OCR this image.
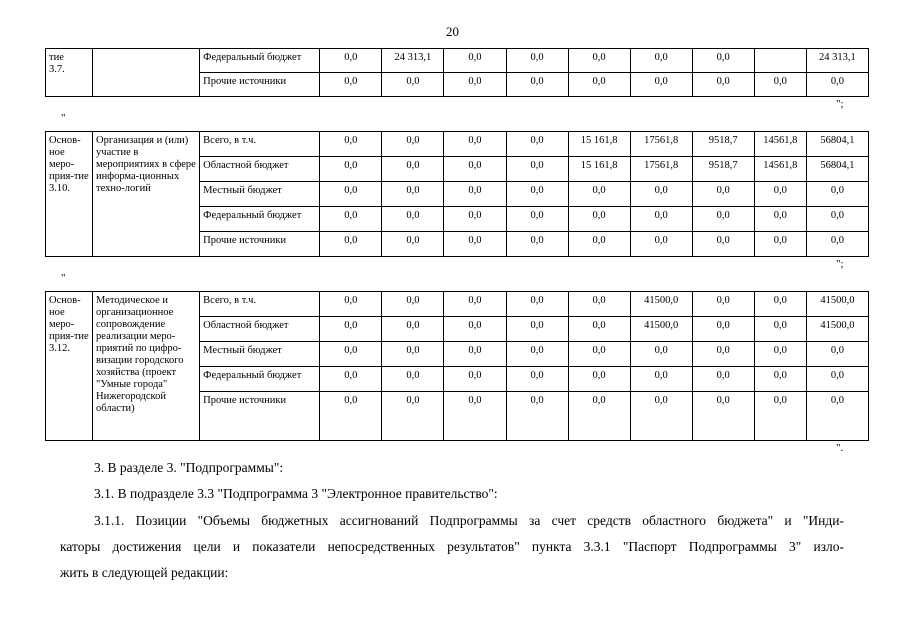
20
тие
3.7.		Федеральный бюджет	0,0	24 313,1	0,0	0,0	0,0	0,0	0,0		24 313,1
		Прочие источники	0,0	0,0	0,0	0,0	0,0	0,0	0,0	0,0	0,0
";
"
Основ-ное
меро-прия-тие
3.10.	Организация и (или) участие в мероприятиях в сфере информа-ционных техно-логий	Всего, в т.ч.	0,0	0,0	0,0	0,0	15 161,8	17561,8	9518,7	14561,8	56804,1
		Областной бюджет	0,0	0,0	0,0	0,0	15 161,8	17561,8	9518,7	14561,8	56804,1
		Местный бюджет	0,0	0,0	0,0	0,0	0,0	0,0	0,0	0,0	0,0
		Федеральный бюджет	0,0	0,0	0,0	0,0	0,0	0,0	0,0	0,0	0,0
		Прочие источники	0,0	0,0	0,0	0,0	0,0	0,0	0,0	0,0	0,0
";
"
Основ-ное
меро-прия-тие
3.12.	Методическое и организационное сопровождение реализации меро-приятий по цифро-визации городского хозяйства (проект "Умные города" Нижегородской области)	Всего, в т.ч.	0,0	0,0	0,0	0,0	0,0	41500,0	0,0	0,0	41500,0
		Областной бюджет	0,0	0,0	0,0	0,0	0,0	41500,0	0,0	0,0	41500,0
		Местный бюджет	0,0	0,0	0,0	0,0	0,0	0,0	0,0	0,0	0,0
		Федеральный бюджет	0,0	0,0	0,0	0,0	0,0	0,0	0,0	0,0	0,0
		Прочие источники	0,0	0,0	0,0	0,0	0,0	0,0	0,0	0,0	0,0
".
3. В разделе 3. "Подпрограммы":
3.1. В подразделе 3.3 "Подпрограмма 3 "Электронное правительство":
3.1.1. Позиции "Объемы бюджетных ассигнований Подпрограммы за счет средств областного бюджета" и "Инди-
каторы достижения цели и показатели непосредственных результатов" пункта 3.3.1 "Паспорт Подпрограммы 3" изло-
жить в следующей редакции:
